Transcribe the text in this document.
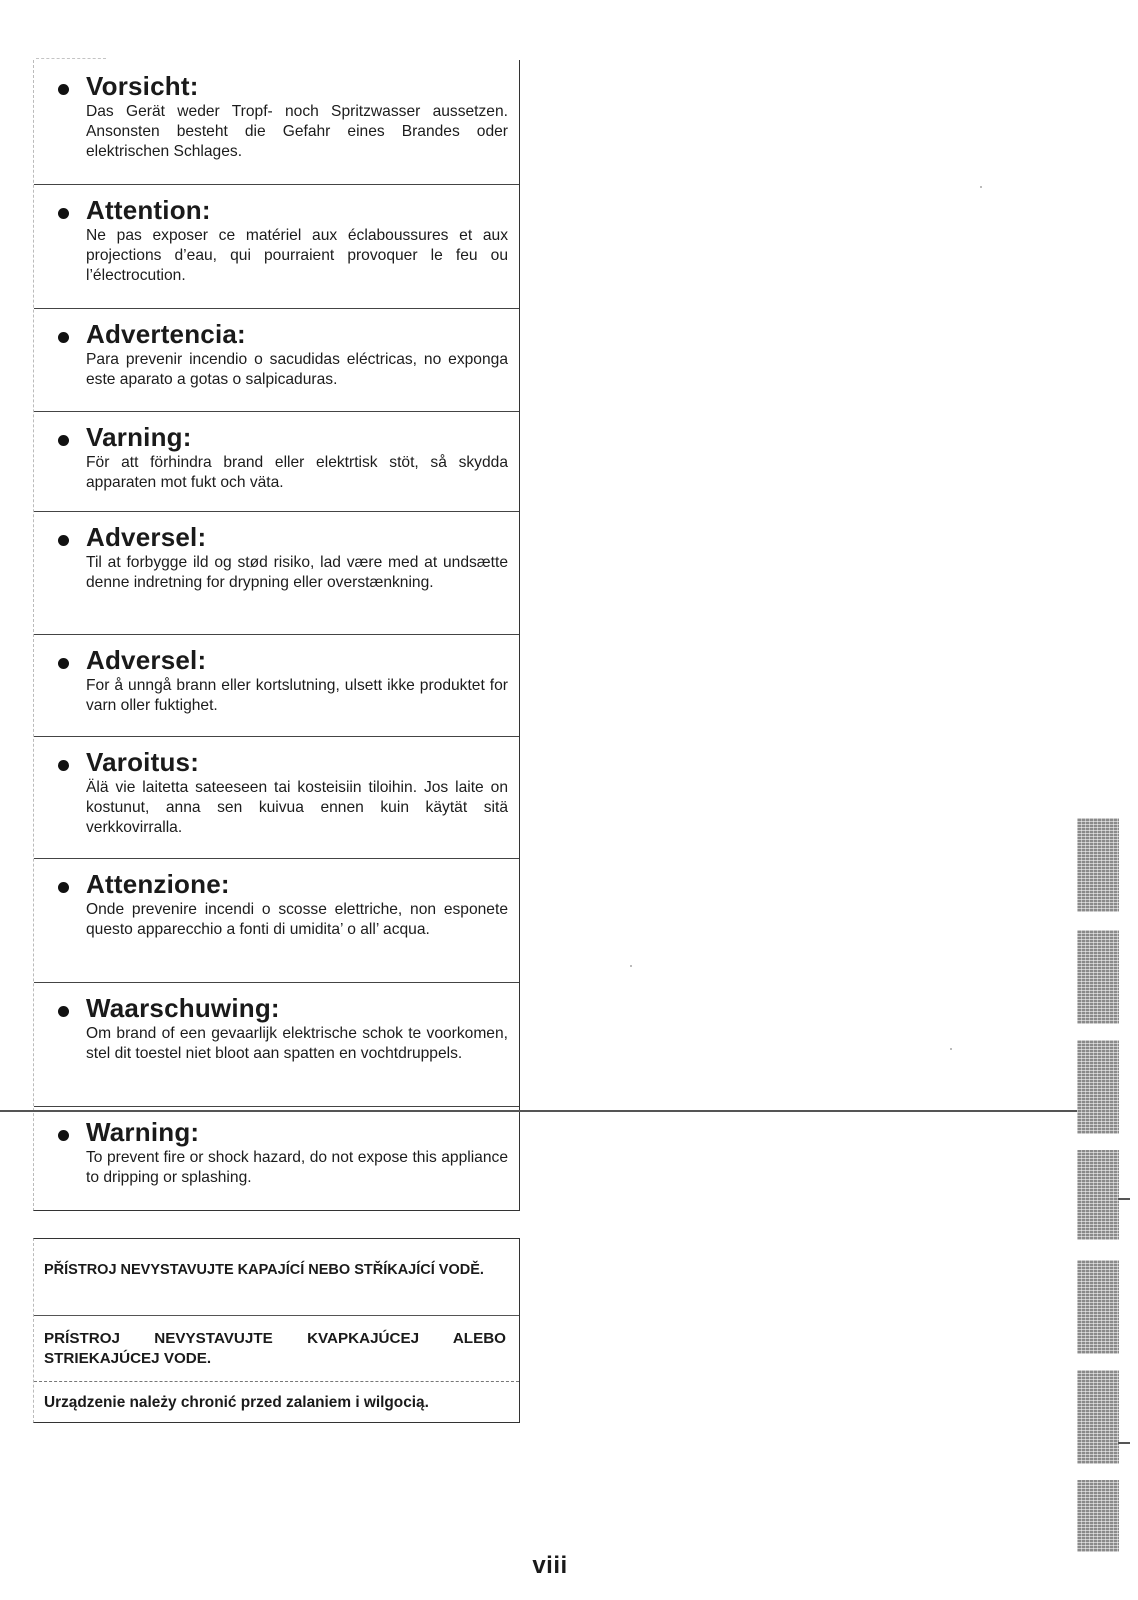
Vorsicht:
Das Gerät weder Tropf- noch Spritzwasser aussetzen. Ansonsten besteht die Gefahr eines Brandes oder elektrischen Schlages.
Attention:
Ne pas exposer ce matériel aux éclaboussures et aux projections d’eau, qui pourraient provoquer le feu ou l’électrocution.
Advertencia:
Para prevenir incendio o sacudidas eléctricas, no exponga este aparato a gotas o salpicaduras.
Varning:
För att förhindra brand eller elektrtisk stöt, så skydda apparaten mot fukt och väta.
Adversel:
Til at forbygge ild og stød risiko, lad være med at undsætte denne indretning for drypning eller overstænkning.
Adversel:
For å unngå brann eller kortslutning, ulsett ikke produktet for varn oller fuktighet.
Varoitus:
Älä vie laitetta sateeseen tai kosteisiin tiloihin. Jos laite on kostunut, anna sen kuivua ennen kuin käytät sitä verkkovirralla.
Attenzione:
Onde prevenire incendi o scosse elettriche, non esponete questo apparecchio a fonti di umidita’ o all’ acqua.
Waarschuwing:
Om brand of een gevaarlijk elektrische schok te voorkomen, stel dit toestel niet bloot aan spatten en vochtdruppels.
Warning:
To prevent fire or shock hazard, do not expose this appliance to dripping or splashing.
PŘÍSTROJ NEVYSTAVUJTE KAPAJÍCÍ NEBO STŘÍKAJÍCÍ VODĚ.
PRÍSTROJ NEVYSTAVUJTE KVAPKAJÚCEJ ALEBO STRIEKAJÚCEJ VODE.
Urządzenie należy chronić przed zalaniem i wilgocią.
viii
